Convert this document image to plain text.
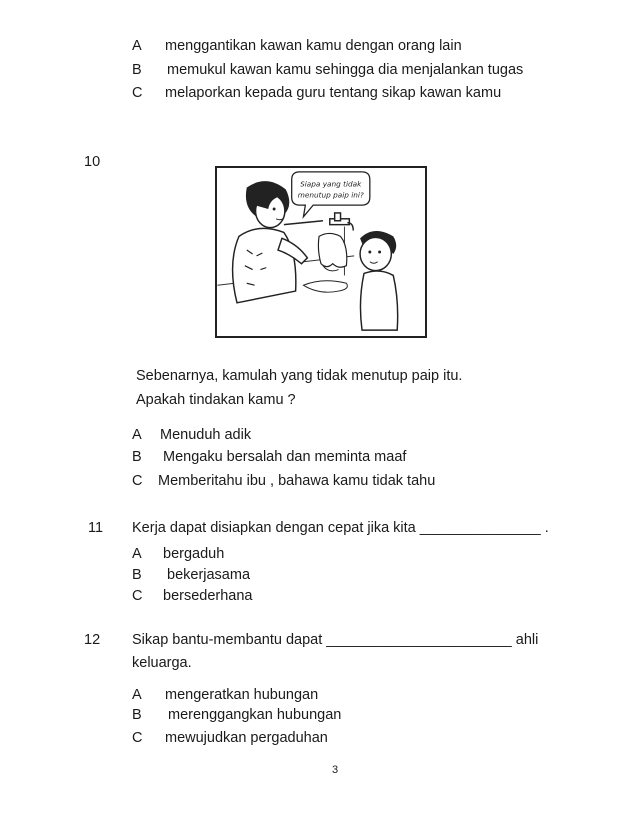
A menggantikan kawan kamu dengan orang lain
B memukul kawan kamu sehingga dia menjalankan tugas
C melaporkan kepada guru tentang sikap kawan kamu
10
Siapa yang tidak
menutup paip ini?
Sebenarnya, kamulah yang tidak menutup paip itu.
Apakah tindakan kamu ?
A Menuduh adik
B Mengaku bersalah dan meminta maaf
C Memberitahu ibu , bahawa kamu tidak tahu
11 Kerja dapat disiapkan dengan cepat jika kita _______________ .
A bergaduh
B bekerjasama
C bersederhana
12 Sikap bantu-membantu dapat _______________________ ahli
keluarga.
A mengeratkan hubungan
B merenggangkan hubungan
C mewujudkan pergaduhan
3
